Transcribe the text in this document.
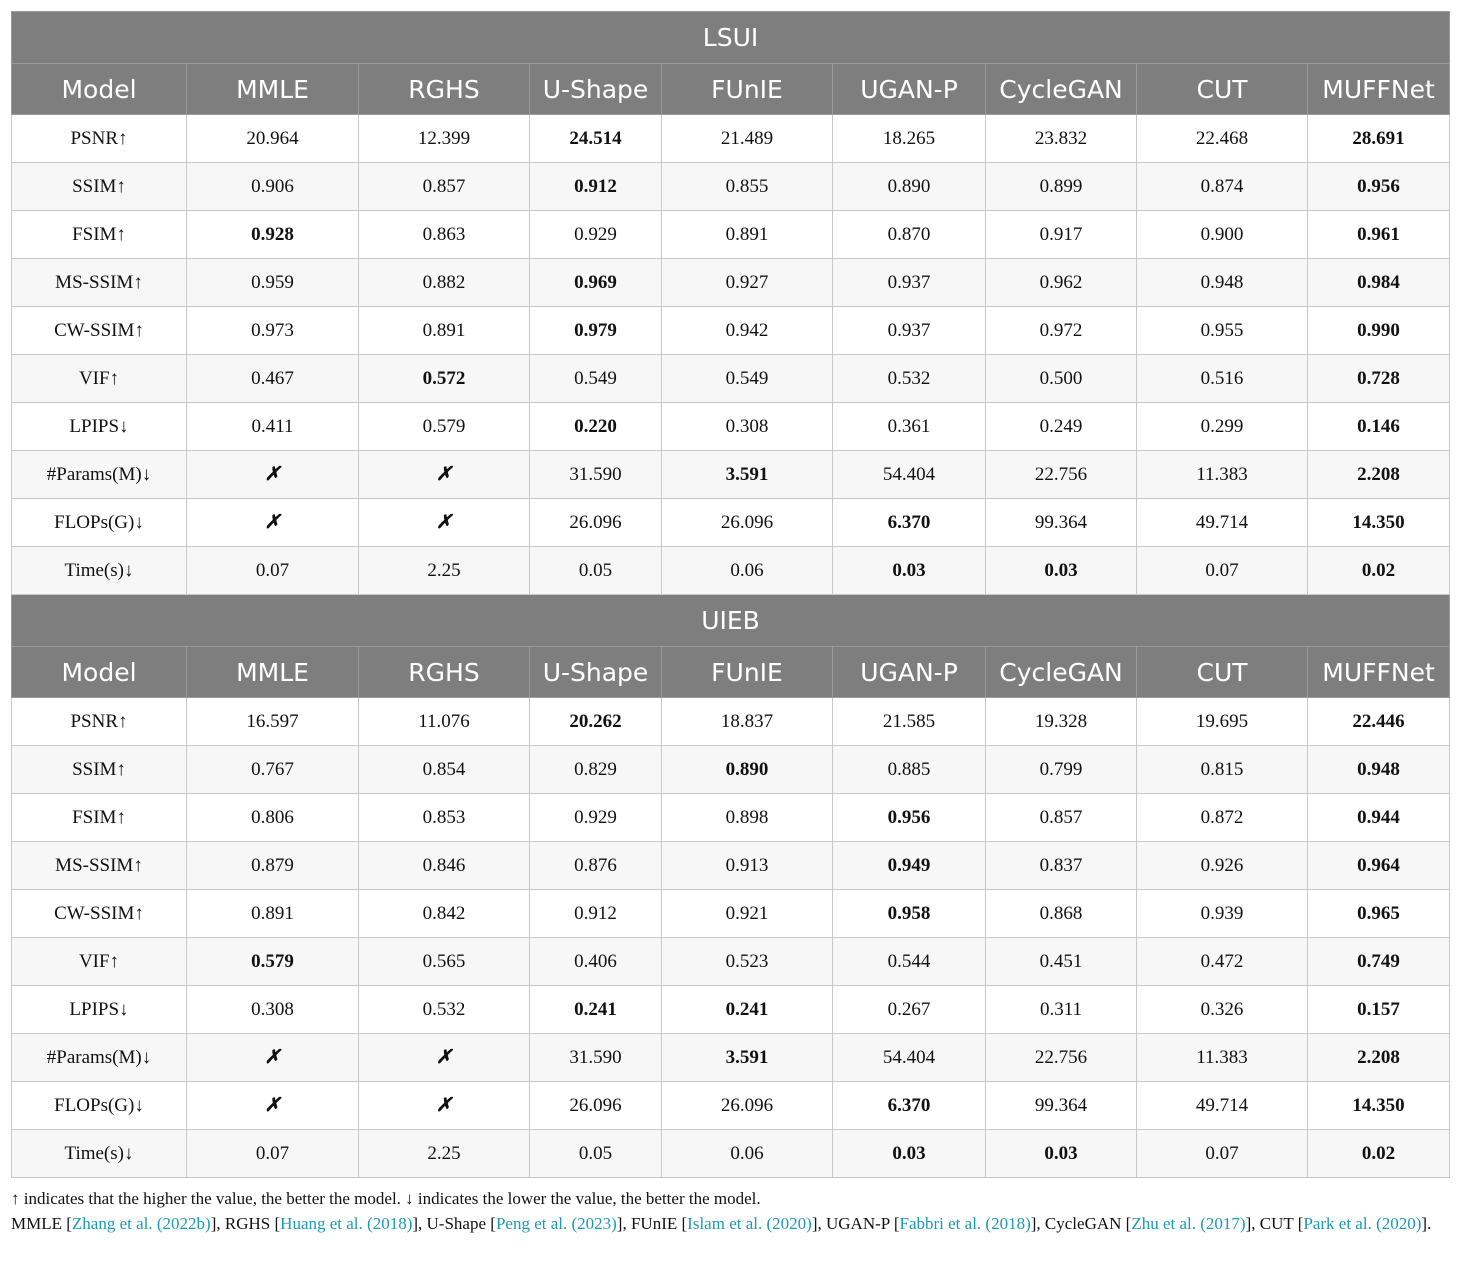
LSUI								
Model	MMLE	RGHS	U-Shape	FUnIE	UGAN-P	CycleGAN	CUT	MUFFNet
PSNR↑	20.964	12.399	24.514	21.489	18.265	23.832	22.468	28.691
SSIM↑	0.906	0.857	0.912	0.855	0.890	0.899	0.874	0.956
FSIM↑	0.928	0.863	0.929	0.891	0.870	0.917	0.900	0.961
MS-SSIM↑	0.959	0.882	0.969	0.927	0.937	0.962	0.948	0.984
CW-SSIM↑	0.973	0.891	0.979	0.942	0.937	0.972	0.955	0.990
VIF↑	0.467	0.572	0.549	0.549	0.532	0.500	0.516	0.728
LPIPS↓	0.411	0.579	0.220	0.308	0.361	0.249	0.299	0.146
#Params(M)↓	✗	✗	31.590	3.591	54.404	22.756	11.383	2.208
FLOPs(G)↓	✗	✗	26.096	26.096	6.370	99.364	49.714	14.350
Time(s)↓	0.07	2.25	0.05	0.06	0.03	0.03	0.07	0.02
UIEB								
Model	MMLE	RGHS	U-Shape	FUnIE	UGAN-P	CycleGAN	CUT	MUFFNet
PSNR↑	16.597	11.076	20.262	18.837	21.585	19.328	19.695	22.446
SSIM↑	0.767	0.854	0.829	0.890	0.885	0.799	0.815	0.948
FSIM↑	0.806	0.853	0.929	0.898	0.956	0.857	0.872	0.944
MS-SSIM↑	0.879	0.846	0.876	0.913	0.949	0.837	0.926	0.964
CW-SSIM↑	0.891	0.842	0.912	0.921	0.958	0.868	0.939	0.965
VIF↑	0.579	0.565	0.406	0.523	0.544	0.451	0.472	0.749
LPIPS↓	0.308	0.532	0.241	0.241	0.267	0.311	0.326	0.157
#Params(M)↓	✗	✗	31.590	3.591	54.404	22.756	11.383	2.208
FLOPs(G)↓	✗	✗	26.096	26.096	6.370	99.364	49.714	14.350
Time(s)↓	0.07	2.25	0.05	0.06	0.03	0.03	0.07	0.02

↑ indicates that the higher the value, the better the model. ↓ indicates the lower the value, the better the model.

MMLE [Zhang et al. (2022b)], RGHS [Huang et al. (2018)], U-Shape [Peng et al. (2023)], FUnIE [Islam et al. (2020)], UGAN-P [Fabbri et al. (2018)], CycleGAN [Zhu et al. (2017)], CUT [Park et al. (2020)].
